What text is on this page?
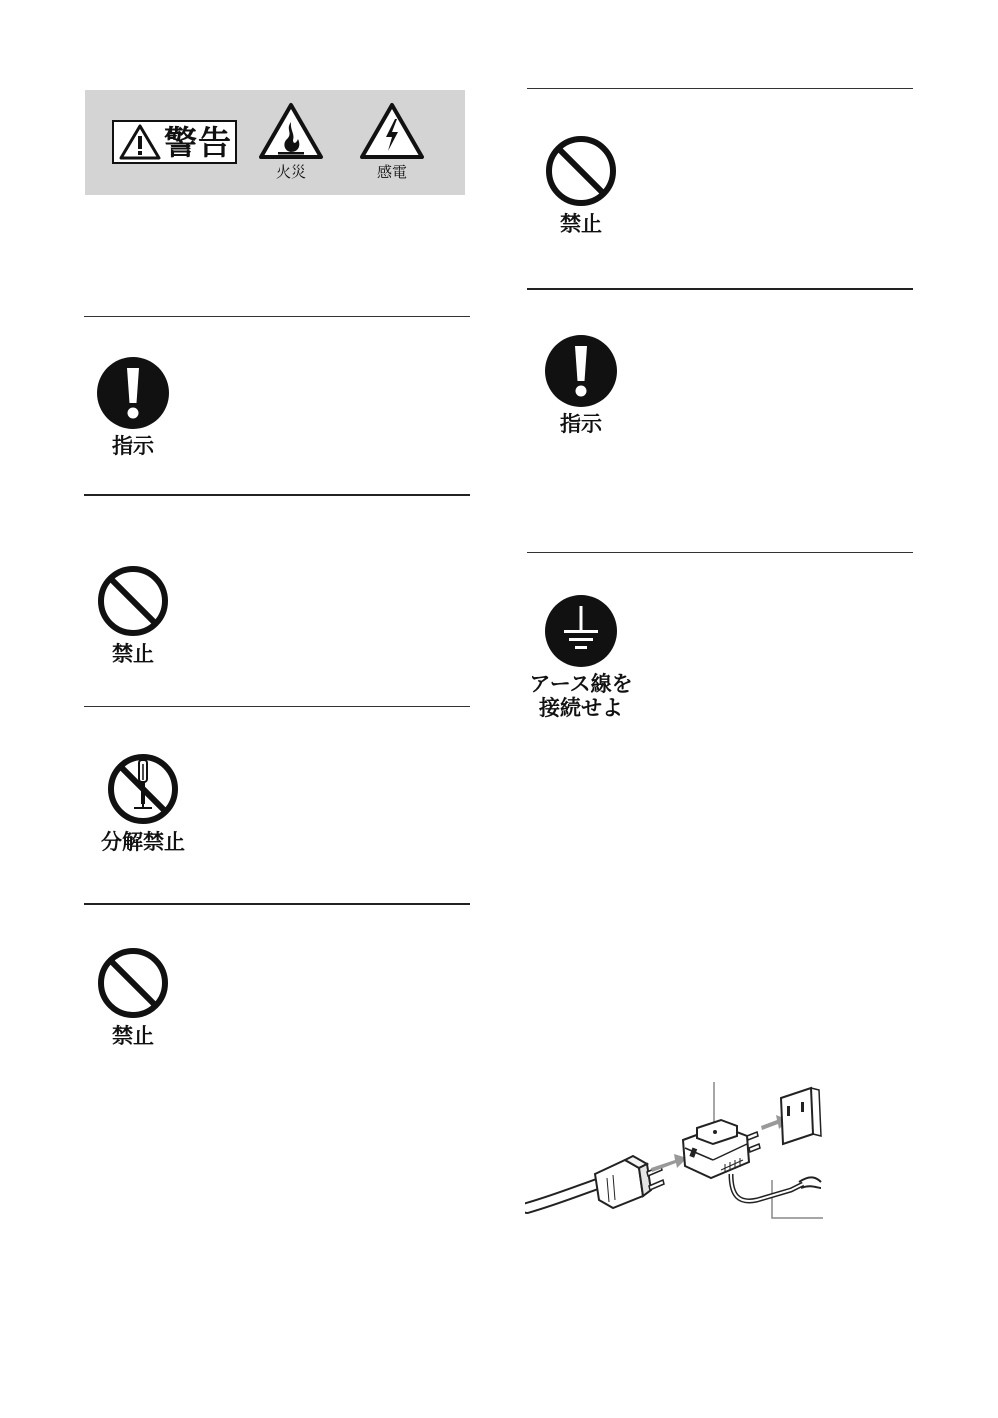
警告
火災	感電
指示
禁止
分解禁止
禁止
禁止
指示
アース線を
接続せよ
